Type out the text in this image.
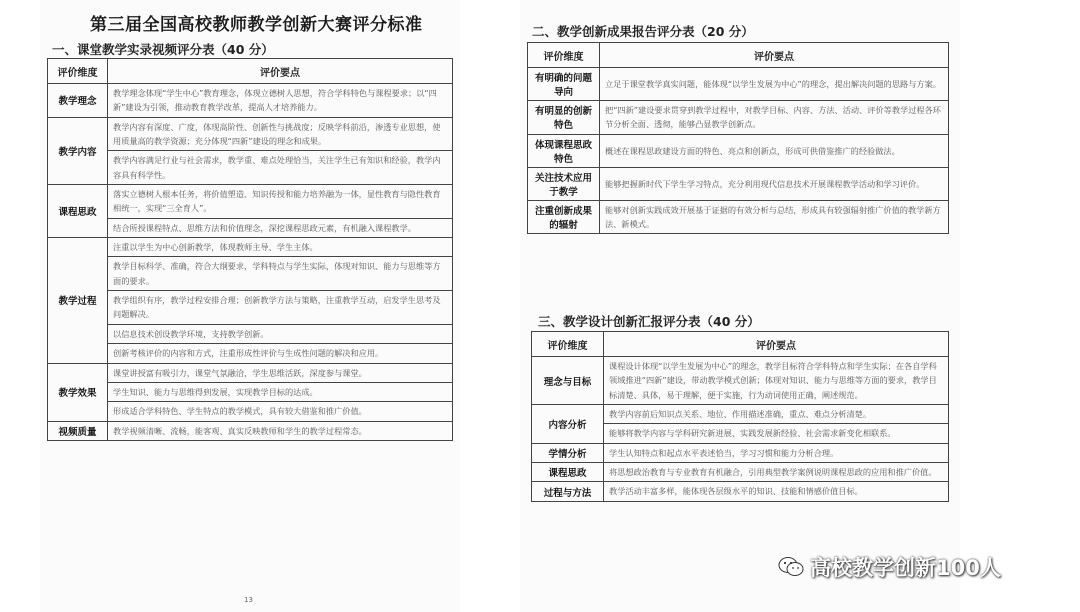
第三届全国高校教师教学创新大赛评分标准
一、课堂教学实录视频评分表（40 分）
评价维度	评价要点
教学理念	教学理念体现“学生中心”教育理念，体现立德树人思想，符合学科特色与课程要求；以“四新”建设为引领，推动教育教学改革，提高人才培养能力。
教学内容	教学内容有深度、广度，体现高阶性、创新性与挑战度；反映学科前沿，渗透专业思想，使用质量高的教学资源；充分体现“四新”建设的理念和成果。
	教学内容满足行业与社会需求，教学重、难点处理恰当，关注学生已有知识和经验，教学内容具有科学性。
课程思政	落实立德树人根本任务，将价值塑造、知识传授和能力培养融为一体，显性教育与隐性教育相统一，实现“三全育人”。
	结合所授课程特点、思维方法和价值理念，深挖课程思政元素，有机融入课程教学。
教学过程	注重以学生为中心创新教学，体现教师主导、学生主体。
	教学目标科学、准确，符合大纲要求，学科特点与学生实际，体现对知识、能力与思维等方面的要求。
	教学组织有序，教学过程安排合理；创新教学方法与策略，注重教学互动，启发学生思考及问题解决。
	以信息技术创设教学环境，支持教学创新。
	创新考核评价的内容和方式，注重形成性评价与生成性问题的解决和应用。
教学效果	课堂讲授富有吸引力，课堂气氛融洽，学生思维活跃，深度参与课堂。
	学生知识、能力与思维得到发展，实现教学目标的达成。
	形成适合学科特色、学生特点的教学模式，具有较大借鉴和推广价值。
视频质量	教学视频清晰、流畅，能客观、真实反映教师和学生的教学过程常态。
二、教学创新成果报告评分表（20 分）
评价维度	评价要点
有明确的问题导向	立足于课堂教学真实问题，能体现“以学生发展为中心”的理念，提出解决问题的思路与方案。
有明显的创新特色	把“四新”建设要求贯穿到教学过程中，对教学目标、内容、方法、活动、评价等教学过程各环节分析全面、透彻，能够凸显教学创新点。
体现课程思政特色	概述在课程思政建设方面的特色、亮点和创新点，形成可供借鉴推广的经验做法。
关注技术应用于教学	能够把握新时代下学生学习特点，充分利用现代信息技术开展课程教学活动和学习评价。
注重创新成果的辐射	能够对创新实践成效开展基于证据的有效分析与总结，形成具有较强辐射推广价值的教学新方法、新模式。
三、教学设计创新汇报评分表（40 分）
评价维度	评价要点
理念与目标	课程设计体现“以学生发展为中心”的理念，教学目标符合学科特点和学生实际；在各自学科领域推进“四新”建设，带动教学模式创新；体现对知识、能力与思维等方面的要求，教学目标清楚、具体，易于理解，便于实施，行为动词使用正确，阐述规范。
内容分析	教学内容前后知识点关系、地位、作用描述准确，重点、难点分析清楚。
	能够将教学内容与学科研究新进展、实践发展新经验、社会需求新变化相联系。
学情分析	学生认知特点和起点水平表述恰当，学习习惯和能力分析合理。
课程思政	将思想政治教育与专业教育有机融合，引用典型教学案例说明课程思政的应用和推广价值。
过程与方法	教学活动丰富多样，能体现各层级水平的知识、技能和情感价值目标。
13
高校教学创新100人
